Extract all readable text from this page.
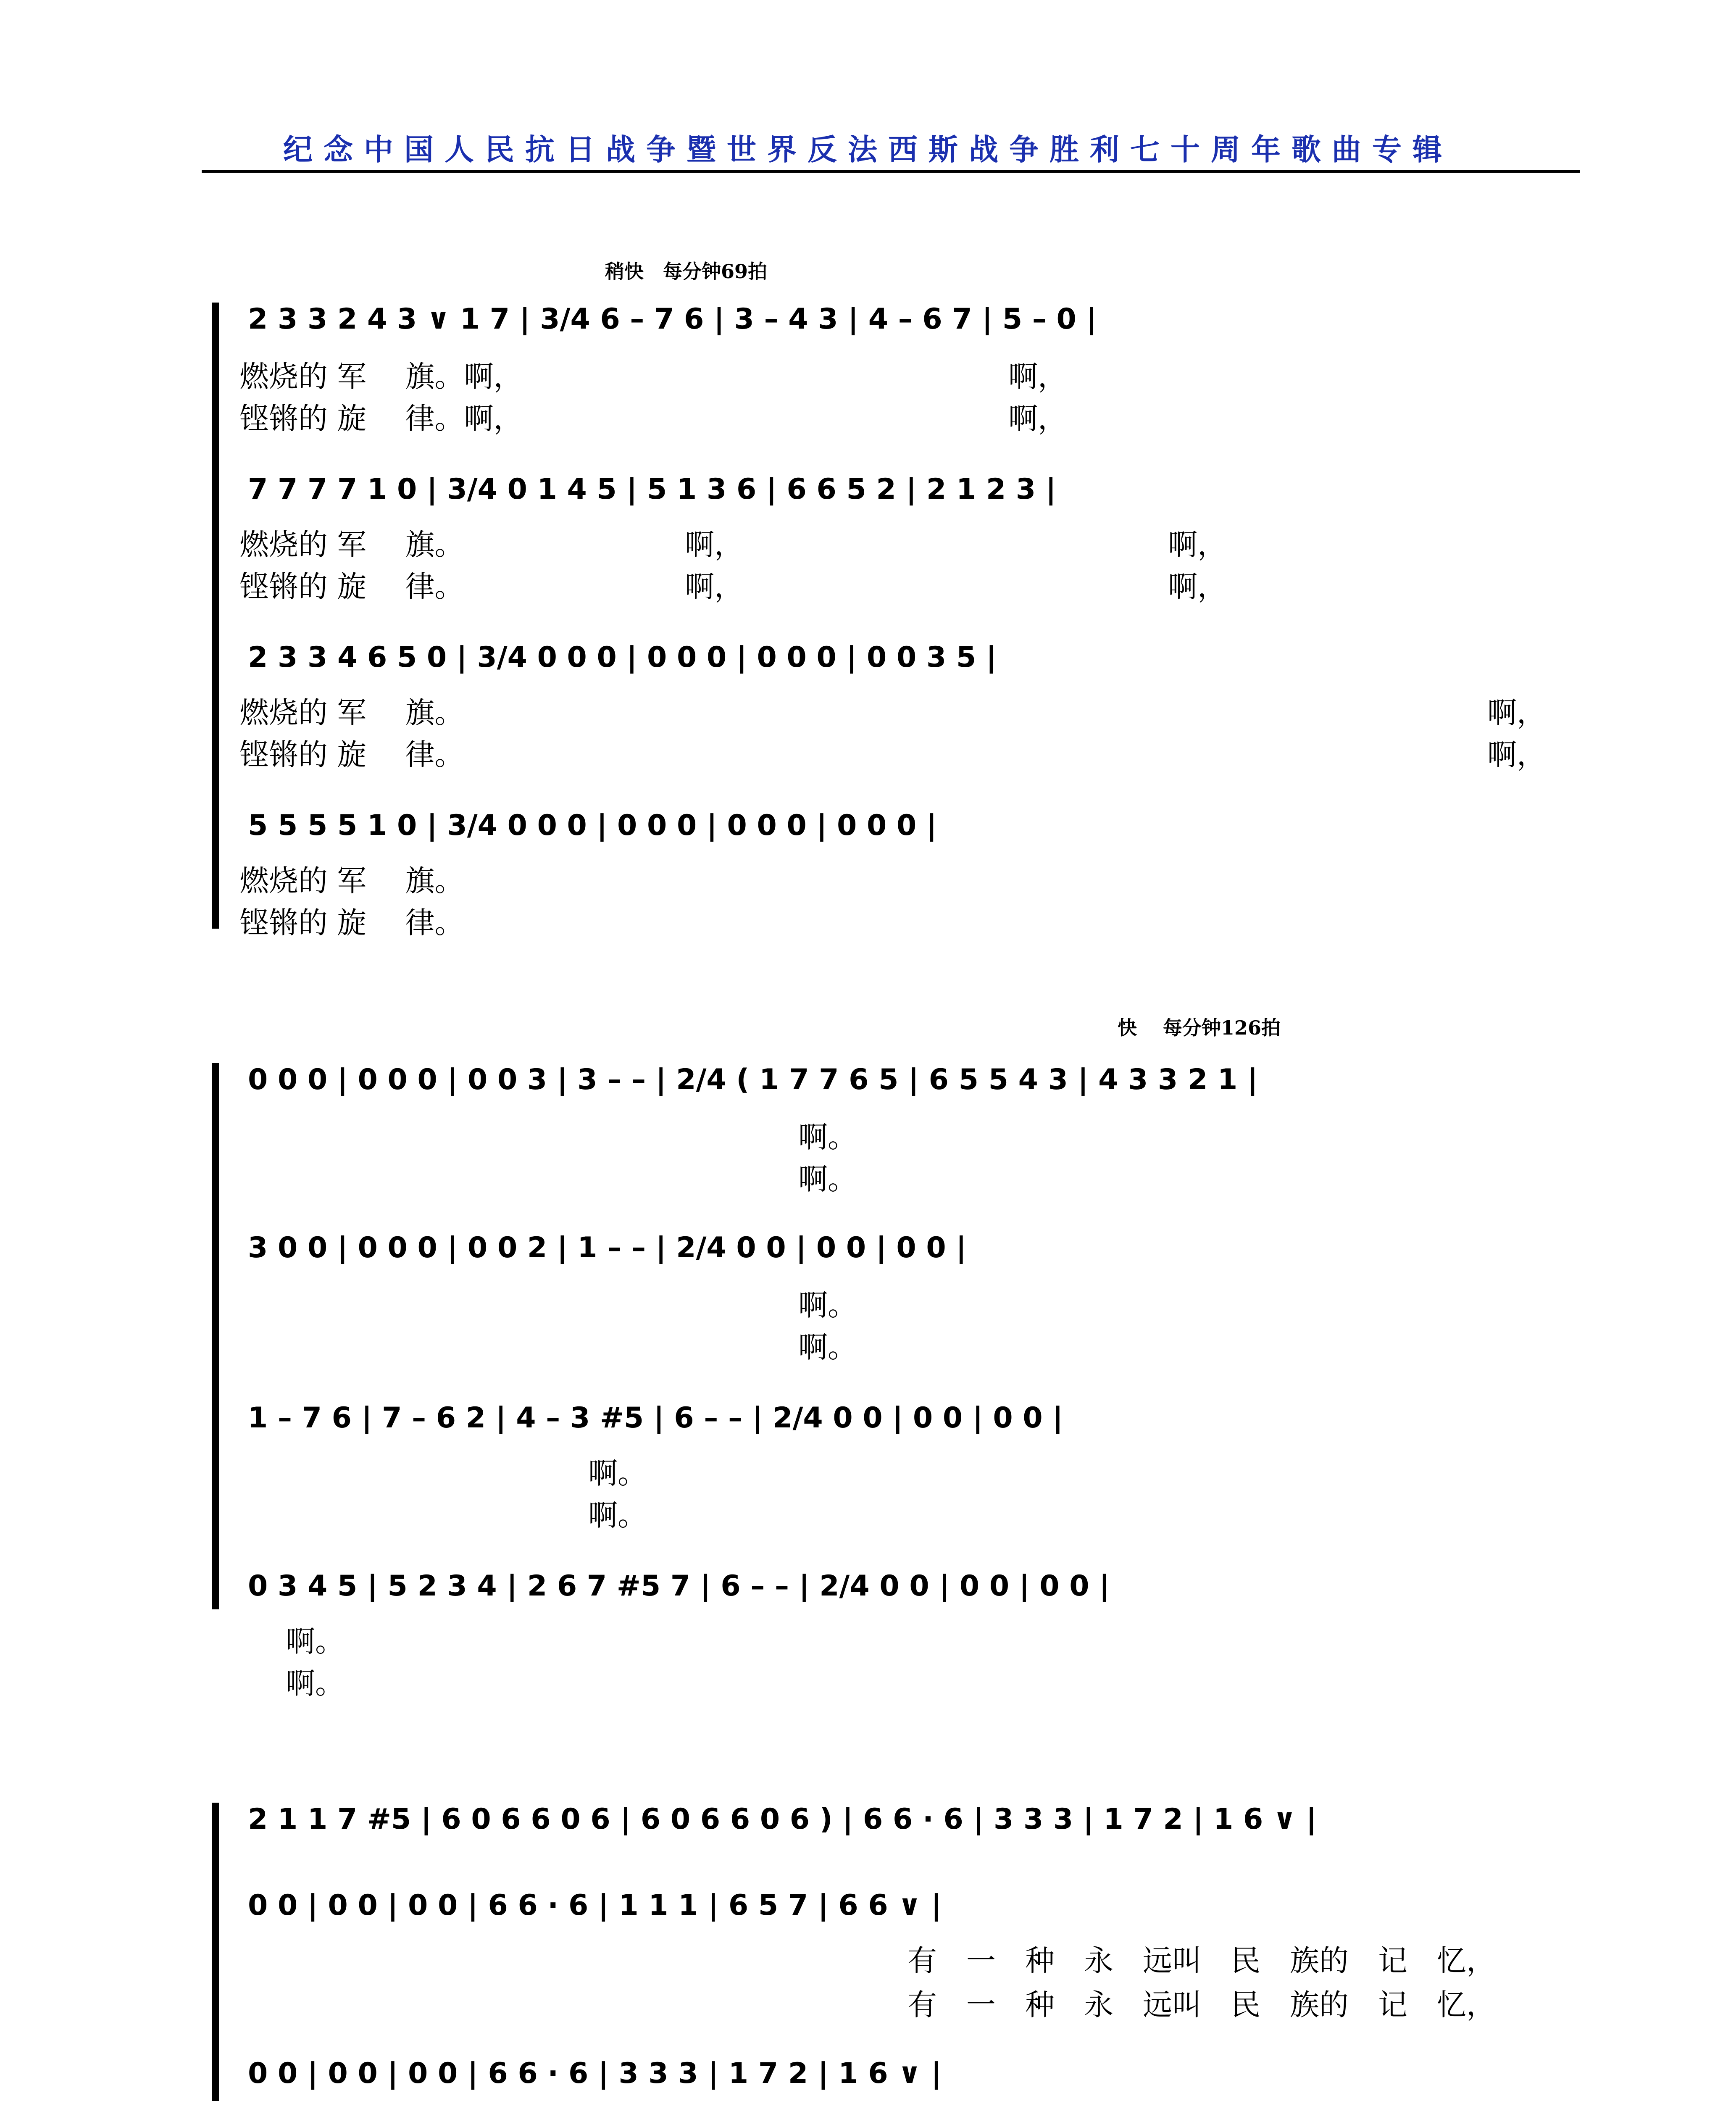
纪念中国人民抗日战争暨世界反法西斯战争胜利七十周年歌曲专辑
稍快　每分钟69拍
2 3 3 2 4 3 ∨ 1 7 | 3/4 6 – 7 6 | 3 – 4 3 | 4 – 6 7 | 5 – 0 |
燃烧的 军　 旗。啊，	啊，
铿锵的 旋　 律。啊，	啊，
7 7 7 7 1 0 | 3/4 0 1 4 5 | 5 1 3 6 | 6 6 5 2 | 2 1 2 3 |
燃烧的 军　 旗。	啊，	啊，
铿锵的 旋　 律。	啊，	啊，
2 3 3 4 6 5 0 | 3/4 0 0 0 | 0 0 0 | 0 0 0 | 0 0 3 5 |
燃烧的 军　 旗。	啊，
铿锵的 旋　 律。	啊，
5 5 5 5 1 0 | 3/4 0 0 0 | 0 0 0 | 0 0 0 | 0 0 0 |
燃烧的 军　 旗。
铿锵的 旋　 律。
快　 每分钟126拍
0 0 0 | 0 0 0 | 0 0 3 | 3 – – | 2/4 ( 1 7 7 6 5 | 6 5 5 4 3 | 4 3 3 2 1 |
啊。
啊。
3 0 0 | 0 0 0 | 0 0 2 | 1 – – | 2/4 0 0 | 0 0 | 0 0 |
啊。
啊。
1 – 7 6 | 7 – 6 2 | 4 – 3 #5 | 6 – – | 2/4 0 0 | 0 0 | 0 0 |
啊。
啊。
0 3 4 5 | 5 2 3 4 | 2 6 7 #5 7 | 6 – – | 2/4 0 0 | 0 0 | 0 0 |
啊。
啊。
2 1 1 7 #5 | 6 0 6 6 0 6 | 6 0 6 6 0 6 ) | 6 6 · 6 | 3 3 3 | 1 7 2 | 1 6 ∨ |
0 0 | 0 0 | 0 0 | 6 6 · 6 | 1 1 1 | 6 5 7 | 6 6 ∨ |
有　一　种　永　远叫　民　族的　记　忆，
有　一　种　永　远叫　民　族的　记　忆，
0 0 | 0 0 | 0 0 | 6 6 · 6 | 3 3 3 | 1 7 2 | 1 6 ∨ |
